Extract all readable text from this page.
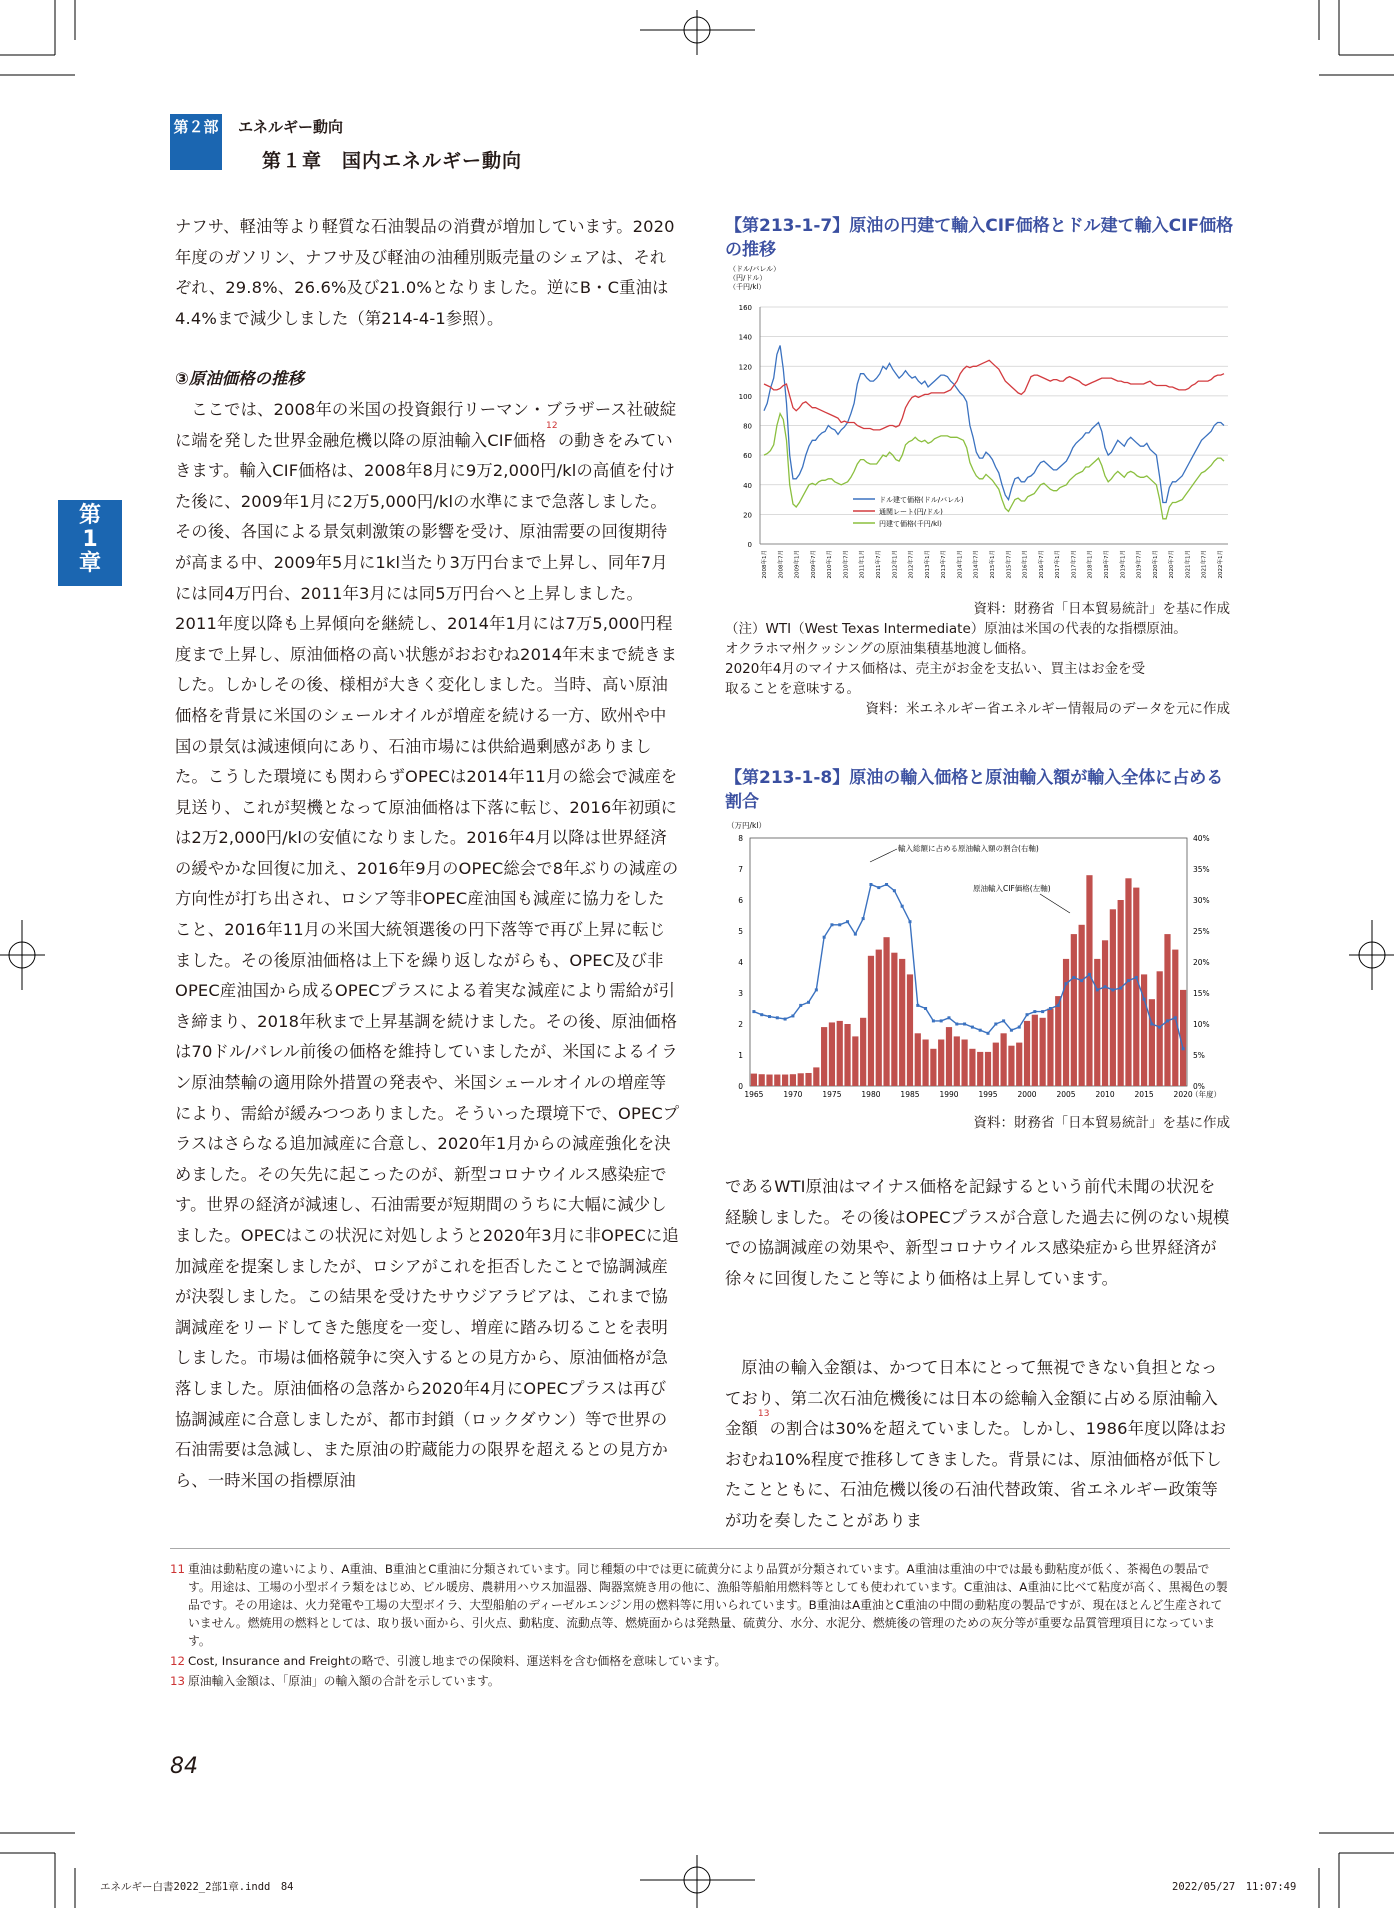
第２部 エネルギー動向
第１章　国内エネルギー動向
第
1
章

ナフサ、軽油等より軽質な石油製品の消費が増加しています。2020年度のガソリン、ナフサ及び軽油の油種別販売量のシェアは、それぞれ、29.8%、26.6%及び21.0%となりました。逆にB・C重油は4.4%まで減少しました（第214-4-1参照）。

③原油価格の推移

ここでは、2008年の米国の投資銀行リーマン・ブラザース社破綻に端を発した世界金融危機以降の原油輸入CIF価格$^{12}$の動きをみていきます。輸入CIF価格は、2008年8月に9万2,000円/klの高値を付けた後に、2009年1月に2万5,000円/klの水準にまで急落しました。その後、各国による景気刺激策の影響を受け、原油需要の回復期待が高まる中、2009年5月に1kl当たり3万円台まで上昇し、同年7月には同4万円台、2011年3月には同5万円台へと上昇しました。2011年度以降も上昇傾向を継続し、2014年1月には7万5,000円程度まで上昇し、原油価格の高い状態がおおむね2014年末まで続きました。しかしその後、様相が大きく変化しました。当時、高い原油価格を背景に米国のシェールオイルが増産を続ける一方、欧州や中国の景気は減速傾向にあり、石油市場には供給過剰感がありました。こうした環境にも関わらずOPECは2014年11月の総会で減産を見送り、これが契機となって原油価格は下落に転じ、2016年初頭には2万2,000円/klの安値になりました。2016年4月以降は世界経済の緩やかな回復に加え、2016年9月のOPEC総会で8年ぶりの減産の方向性が打ち出され、ロシア等非OPEC産油国も減産に協力をしたこと、2016年11月の米国大統領選後の円下落等で再び上昇に転じました。その後原油価格は上下を繰り返しながらも、OPEC及び非OPEC産油国から成るOPECプラスによる着実な減産により需給が引き締まり、2018年秋まで上昇基調を続けました。その後、原油価格は70ドル/バレル前後の価格を維持していましたが、米国によるイラン原油禁輸の適用除外措置の発表や、米国シェールオイルの増産等により、需給が緩みつつありました。そういった環境下で、OPECプラスはさらなる追加減産に合意し、2020年1月からの減産強化を決めました。その矢先に起こったのが、新型コロナウイルス感染症です。世界の経済が減速し、石油需要が短期間のうちに大幅に減少しました。OPECはこの状況に対処しようと2020年3月に非OPECに追加減産を提案しましたが、ロシアがこれを拒否したことで協調減産が決裂しました。この結果を受けたサウジアラビアは、これまで協調減産をリードしてきた態度を一変し、増産に踏み切ることを表明しました。市場は価格競争に突入するとの見方から、原油価格が急落しました。原油価格の急落から2020年4月にOPECプラスは再び協調減産に合意しましたが、都市封鎖（ロックダウン）等で世界の石油需要は急減し、また原油の貯蔵能力の限界を超えるとの見方から、一時米国の指標原油

【第213-1-7】原油の円建て輸入CIF価格とドル建て輸入CIF価格の推移
（ドル/バレル）
（円/ドル）
（千円/kl）
0
20
40
60
80
100
120
140
160
2008年1月	2008年7月	2009年1月	2009年7月	2010年1月	2010年7月	2011年1月	2011年7月	2012年1月	2012年7月	2013年1月	2013年7月	2014年1月	2014年7月	2015年1月	2015年7月	2016年1月	2016年7月	2017年1月	2017年7月	2018年1月	2018年7月	2019年1月	2019年7月	2020年1月	2020年7月	2021年1月	2021年7月	2022年1月
ドル建て価格(ドル/バレル)
通関レート(円/ドル)
円建て価格(千円/kl)
資料：財務省「日本貿易統計」を基に作成
（注）WTI（West Texas Intermediate）原油は米国の代表的な指標原油。
オクラホマ州クッシングの原油集積基地渡し価格。
2020年4月のマイナス価格は、売主がお金を支払い、買主はお金を受
取ることを意味する。
資料：米エネルギー省エネルギー情報局のデータを元に作成
【第213-1-8】原油の輸入価格と原油輸入額が輸入全体に占める割合
（万円/kl）
0
1
2
3
4
5
6
7
8
0%
5%
10%
15%
20%
25%
30%
35%
40%
1965	1970	1975	1980	1985	1990	1995	2000	2005	2010	2015	2020
（年度）
輸入総額に占める原油輸入額の割合(右軸)
原油輸入CIF価格(左軸)
資料：財務省「日本貿易統計」を基に作成

であるWTI原油はマイナス価格を記録するという前代未聞の状況を経験しました。その後はOPECプラスが合意した過去に例のない規模での協調減産の効果や、新型コロナウイルス感染症から世界経済が徐々に回復したこと等により価格は上昇しています。

原油の輸入金額は、かつて日本にとって無視できない負担となっており、第二次石油危機後には日本の総輸入金額に占める原油輸入金額$^{13}$の割合は30%を超えていました。しかし、1986年度以降はおおむね10%程度で推移してきました。背景には、原油価格が低下したことともに、石油危機以後の石油代替政策、省エネルギー政策等が功を奏したことがありま

11 重油は動粘度の違いにより、A重油、B重油とC重油に分類されています。同じ種類の中では更に硫黄分により品質が分類されています。A重油は重油の中では最も動粘度が低く、茶褐色の製品です。用途は、工場の小型ボイラ類をはじめ、ビル暖房、農耕用ハウス加温器、陶器窯焼き用の他に、漁船等船舶用燃料等としても使われています。C重油は、A重油に比べて粘度が高く、黒褐色の製品です。その用途は、火力発電や工場の大型ボイラ、大型船舶のディーゼルエンジン用の燃料等に用いられています。B重油はA重油とC重油の中間の動粘度の製品ですが、現在ほとんど生産されていません。燃焼用の燃料としては、取り扱い面から、引火点、動粘度、流動点等、燃焼面からは発熱量、硫黄分、水分、水泥分、燃焼後の管理のための灰分等が重要な品質管理項目になっています。
12 Cost, Insurance and Freightの略で、引渡し地までの保険料、運送料を含む価格を意味しています。
13 原油輸入金額は、「原油」の輸入額の合計を示しています。
84
エネルギー白書2022_2部1章.indd　84	2022/05/27　11:07:49
